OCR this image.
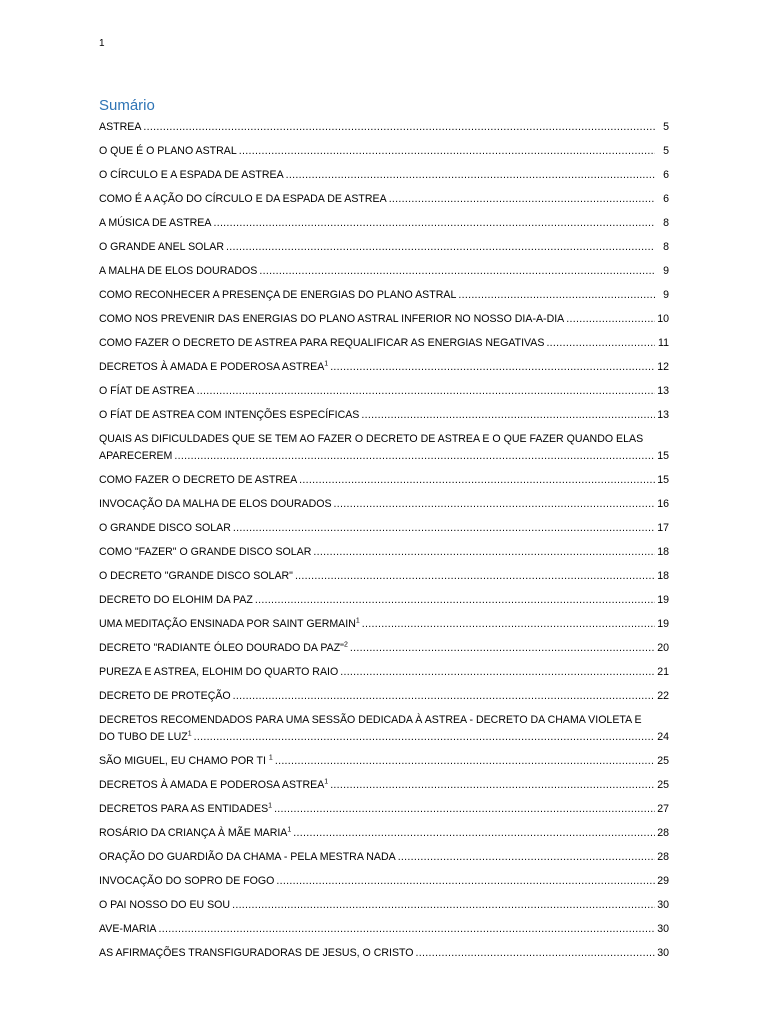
1
Sumário
ASTREA .....	5
O QUE É O PLANO ASTRAL .....	5
O CÍRCULO E A ESPADA DE ASTREA .....	6
COMO É A AÇÃO DO CÍRCULO E DA ESPADA DE ASTREA .....	6
A MÚSICA DE ASTREA .....	8
O GRANDE ANEL SOLAR .....	8
A MALHA DE ELOS DOURADOS .....	9
COMO RECONHECER A PRESENÇA DE ENERGIAS DO PLANO ASTRAL .....	9
COMO NOS PREVENIR DAS ENERGIAS DO PLANO ASTRAL INFERIOR NO NOSSO DIA-A-DIA .....	10
COMO FAZER O DECRETO DE ASTREA PARA REQUALIFICAR AS ENERGIAS NEGATIVAS .....	11
DECRETOS À AMADA E PODEROSA ASTREA$^1$ .....	12
O FÍAT DE ASTREA .....	13
O FÍAT DE ASTREA COM INTENÇÕES ESPECÍFICAS .....	13
QUAIS AS DIFICULDADES QUE SE TEM AO FAZER O DECRETO DE ASTREA E O QUE FAZER QUANDO ELAS
APARECEREM .....	15
COMO FAZER O DECRETO DE ASTREA .....	15
INVOCAÇÃO DA MALHA DE ELOS DOURADOS .....	16
O GRANDE DISCO SOLAR .....	17
COMO "FAZER" O GRANDE DISCO SOLAR .....	18
O DECRETO "GRANDE DISCO SOLAR" .....	18
DECRETO DO ELOHIM DA PAZ .....	19
UMA MEDITAÇÃO ENSINADA POR SAINT GERMAIN$^1$ .....	19
DECRETO "RADIANTE ÓLEO DOURADO DA PAZ"$^2$ .....	20
PUREZA E ASTREA, ELOHIM DO QUARTO RAIO .....	21
DECRETO DE PROTEÇÃO .....	22
DECRETOS RECOMENDADOS PARA UMA SESSÃO DEDICADA À ASTREA - DECRETO DA CHAMA VIOLETA E
DO TUBO DE LUZ$^1$ .....	24
SÃO MIGUEL, EU CHAMO POR TI $^1$ .....	25
DECRETOS À AMADA E PODEROSA ASTREA$^1$ .....	25
DECRETOS PARA AS ENTIDADES$^1$ .....	27
ROSÁRIO DA CRIANÇA À MÃE MARIA$^1$ .....	28
ORAÇÃO DO GUARDIÃO DA CHAMA - PELA MESTRA NADA .....	28
INVOCAÇÃO DO SOPRO DE FOGO .....	29
O PAI NOSSO DO EU SOU .....	30
AVE-MARIA .....	30
AS AFIRMAÇÕES TRANSFIGURADORAS DE JESUS, O CRISTO .....	30
